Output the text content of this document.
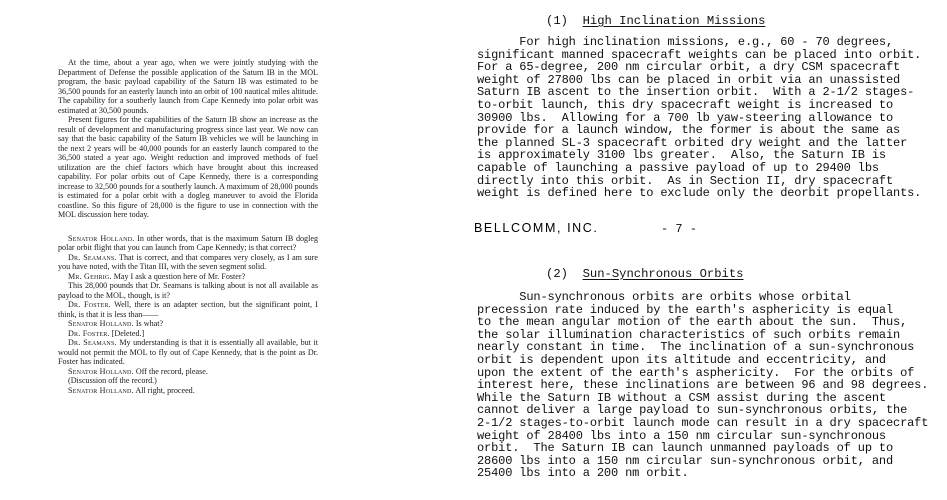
At the time, about a year ago, when we were jointly studying with the Department of Defense the possible application of the Saturn IB in the MOL program, the basic payload capability of the Saturn IB was estimated to be 36,500 pounds for an easterly launch into an orbit of 100 nautical miles altitude. The capability for a southerly launch from Cape Kennedy into polar orbit was estimated at 30,500 pounds.

Present figures for the capabilities of the Saturn IB show an increase as the result of development and manufacturing progress since last year. We now can say that the basic capability of the Saturn IB vehicles we will be launching in the next 2 years will be 40,000 pounds for an easterly launch compared to the 36,500 stated a year ago. Weight reduction and improved methods of fuel utilization are the chief factors which have brought about this increased capability. For polar orbits out of Cape Kennedy, there is a corresponding increase to 32,500 pounds for a southerly launch. A maximum of 28,000 pounds is estimated for a polar orbit with a dogleg maneuver to avoid the Florida coastline. So this figure of 28,000 is the figure to use in connection with the MOL discussion here today.

Senator Holland. In other words, that is the maximum Saturn IB dogleg polar orbit flight that you can launch from Cape Kennedy; is that correct?

Dr. Seamans. That is correct, and that compares very closely, as I am sure you have noted, with the Titan III, with the seven segment solid.

Mr. Gehrig. May I ask a question here of Mr. Foster?

This 28,000 pounds that Dr. Seamans is talking about is not all available as payload to the MOL, though, is it?

Dr. Foster. Well, there is an adapter section, but the significant point, I think, is that it is less than——

Senator Holland. Is what?

Dr. Foster. [Deleted.]

Dr. Seamans. My understanding is that it is essentially all available, but it would not permit the MOL to fly out of Cape Kennedy, that is the point as Dr. Foster has indicated.

Senator Holland. Off the record, please.

(Discussion off the record.)

Senator Holland. All right, proceed.

(1) High Inclination Missions
For high inclination missions, e.g., 60 - 70 degrees,
significant manned spacecraft weights can be placed into orbit.
For a 65-degree, 200 nm circular orbit, a dry CSM spacecraft
weight of 27800 lbs can be placed in orbit via an unassisted
Saturn IB ascent to the insertion orbit.  With a 2-1/2 stages-
to-orbit launch, this dry spacecraft weight is increased to
30900 lbs.  Allowing for a 700 lb yaw-steering allowance to
provide for a launch window, the former is about the same as
the planned SL-3 spacecraft orbited dry weight and the latter
is approximately 3100 lbs greater.  Also, the Saturn IB is
capable of launching a passive payload of up to 29400 lbs
directly into this orbit.  As in Section II, dry spacecraft
weight is defined here to exclude only the deorbit propellants.
BELLCOMM, INC.	- 7 -
(2) Sun-Synchronous Orbits
Sun-synchronous orbits are orbits whose orbital
precession rate induced by the earth's asphericity is equal
to the mean angular motion of the earth about the sun.  Thus,
the solar illumination characteristics of such orbits remain
nearly constant in time.  The inclination of a sun-synchronous
orbit is dependent upon its altitude and eccentricity, and
upon the extent of the earth's asphericity.  For the orbits of
interest here, these inclinations are between 96 and 98 degrees.
While the Saturn IB without a CSM assist during the ascent
cannot deliver a large payload to sun-synchronous orbits, the
2-1/2 stages-to-orbit launch mode can result in a dry spacecraft
weight of 28400 lbs into a 150 nm circular sun-synchronous
orbit.  The Saturn IB can launch unmanned payloads of up to
28600 lbs into a 150 nm circular sun-synchronous orbit, and
25400 lbs into a 200 nm orbit.
